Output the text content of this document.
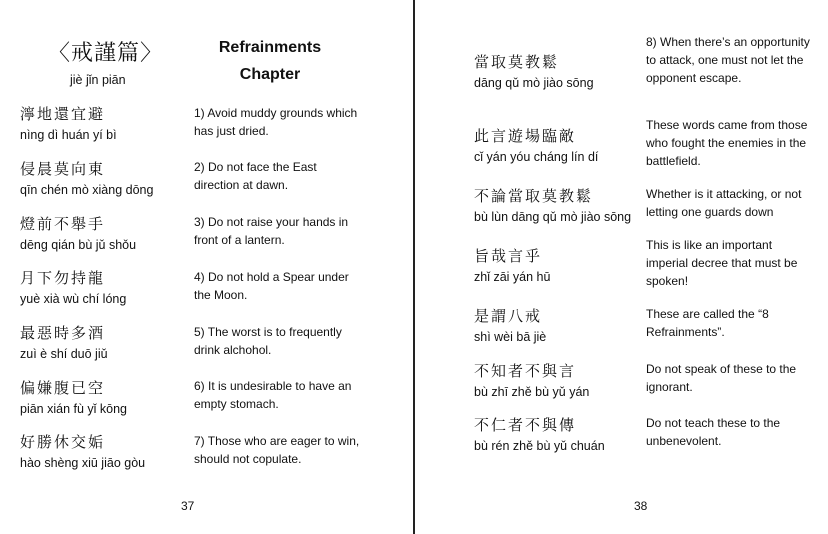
〈戒謹篇〉
jiè jǐn piān
Refrainments
Chapter
濘地還宜避
nìng dì huán yí bì
1) Avoid muddy grounds which has just dried.
侵晨莫向東
qīn chén mò xiàng dōng
2) Do not face the East direction at dawn.
燈前不舉手
dēng qián bù jǔ shǒu
3) Do not raise your hands in front of a lantern.
月下勿持龍
yuè xià wù chí lóng
4) Do not hold a Spear under the Moon.
最惡時多酒
zuì è shí duō jiǔ
5) The worst is to frequently drink alchohol.
偏嫌腹已空
piān xián fù yǐ kōng
6) It is undesirable to have an empty stomach.
好勝休交姤
hào shèng xiū jiāo gòu
7) Those who are eager to win, should not copulate.
37
當取莫教鬆
dāng qǔ mò jiào sōng
8) When there’s an opportunity to attack, one must not let the opponent escape.
此言遊場臨敵
cǐ yán yóu cháng lín dí
These words came from those who fought the enemies in the battlefield.
不論當取莫教鬆
bù lùn dāng qǔ mò jiào sōng
Whether is it attacking, or not letting one guards down
旨哉言乎
zhǐ zāi yán hū
This is like an important imperial decree that must be spoken!
是謂八戒
shì wèi bā jiè
These are called the “8 Refrainments”.
不知者不與言
bù zhī zhě bù yǔ yán
Do not speak of these to the ignorant.
不仁者不與傳
bù rén zhě bù yǔ chuán
Do not teach these to the unbenevolent.
38
